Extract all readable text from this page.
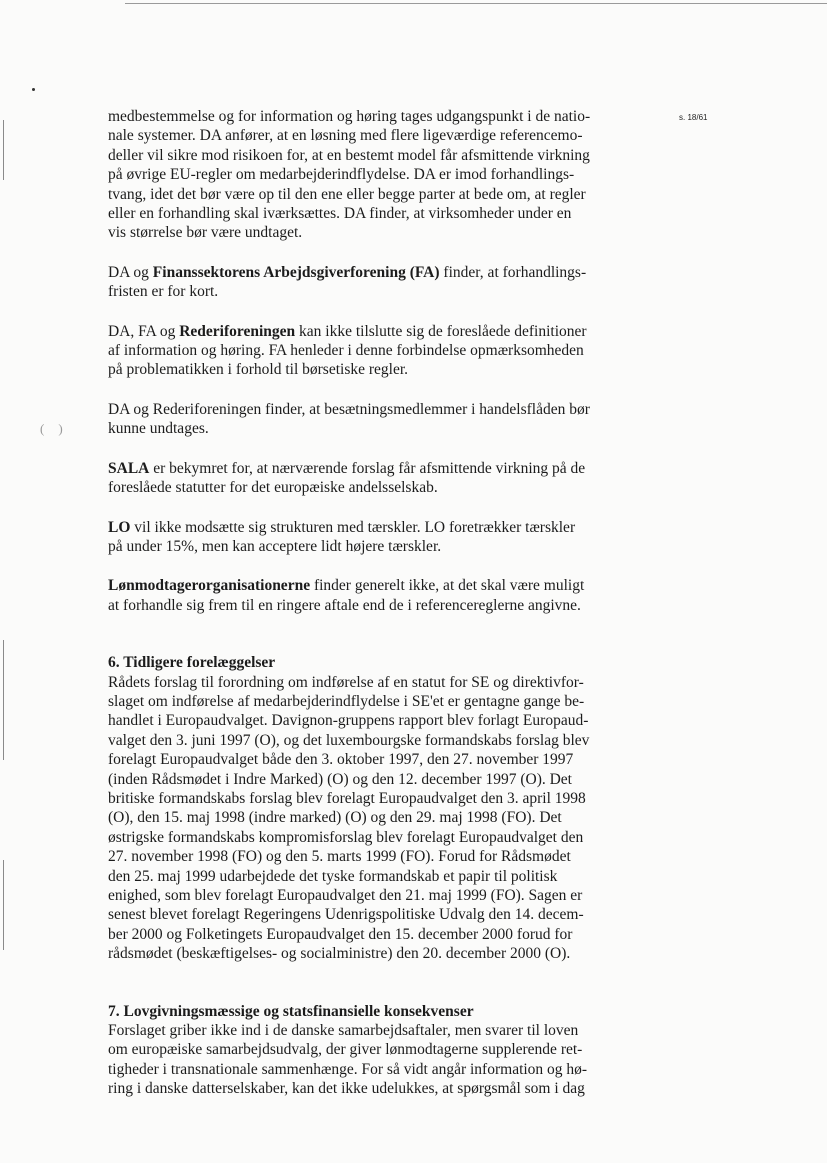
()
s. 18/61

medbestemmelse og for information og høring tages udgangspunkt i de natio-
nale systemer. DA anfører, at en løsning med flere ligeværdige referencemo-
deller vil sikre mod risikoen for, at en bestemt model får afsmittende virkning
på øvrige EU-regler om medarbejderindflydelse. DA er imod forhandlings-
tvang, idet det bør være op til den ene eller begge parter at bede om, at regler
eller en forhandling skal iværksættes. DA finder, at virksomheder under en
vis størrelse bør være undtaget.

DA og Finanssektorens Arbejdsgiverforening (FA) finder, at forhandlings-
fristen er for kort.

DA, FA og Rederiforeningen kan ikke tilslutte sig de foreslåede definitioner
af information og høring. FA henleder i denne forbindelse opmærksomheden
på problematikken i forhold til børsetiske regler.

DA og Rederiforeningen finder, at besætningsmedlemmer i handelsflåden bør
kunne undtages.

SALA er bekymret for, at nærværende forslag får afsmittende virkning på de
foreslåede statutter for det europæiske andelsselskab.

LO vil ikke modsætte sig strukturen med tærskler. LO foretrækker tærskler
på under 15%, men kan acceptere lidt højere tærskler.

Lønmodtagerorganisationerne finder generelt ikke, at det skal være muligt
at forhandle sig frem til en ringere aftale end de i referencereglerne angivne.

6. Tidligere forelæggelser

Rådets forslag til forordning om indførelse af en statut for SE og direktivfor-
slaget om indførelse af medarbejderindflydelse i SE'et er gentagne gange be-
handlet i Europaudvalget. Davignon-gruppens rapport blev forlagt Europaud-
valget den 3. juni 1997 (O), og det luxembourgske formandskabs forslag blev
forelagt Europaudvalget både den 3. oktober 1997, den 27. november 1997
(inden Rådsmødet i Indre Marked) (O) og den 12. december 1997 (O). Det
britiske formandskabs forslag blev forelagt Europaudvalget den 3. april 1998
(O), den 15. maj 1998 (indre marked) (O) og den 29. maj 1998 (FO). Det
østrigske formandskabs kompromisforslag blev forelagt Europaudvalget den
27. november 1998 (FO) og den 5. marts 1999 (FO). Forud for Rådsmødet
den 25. maj 1999 udarbejdede det tyske formandskab et papir til politisk
enighed, som blev forelagt Europaudvalget den 21. maj 1999 (FO). Sagen er
senest blevet forelagt Regeringens Udenrigspolitiske Udvalg den 14. decem-
ber 2000 og Folketingets Europaudvalget den 15. december 2000 forud for
rådsmødet (beskæftigelses- og socialministre) den 20. december 2000 (O).

7. Lovgivningsmæssige og statsfinansielle konsekvenser

Forslaget griber ikke ind i de danske samarbejdsaftaler, men svarer til loven
om europæiske samarbejdsudvalg, der giver lønmodtagerne supplerende ret-
tigheder i transnationale sammenhænge. For så vidt angår information og hø-
ring i danske datterselskaber, kan det ikke udelukkes, at spørgsmål som i dag
